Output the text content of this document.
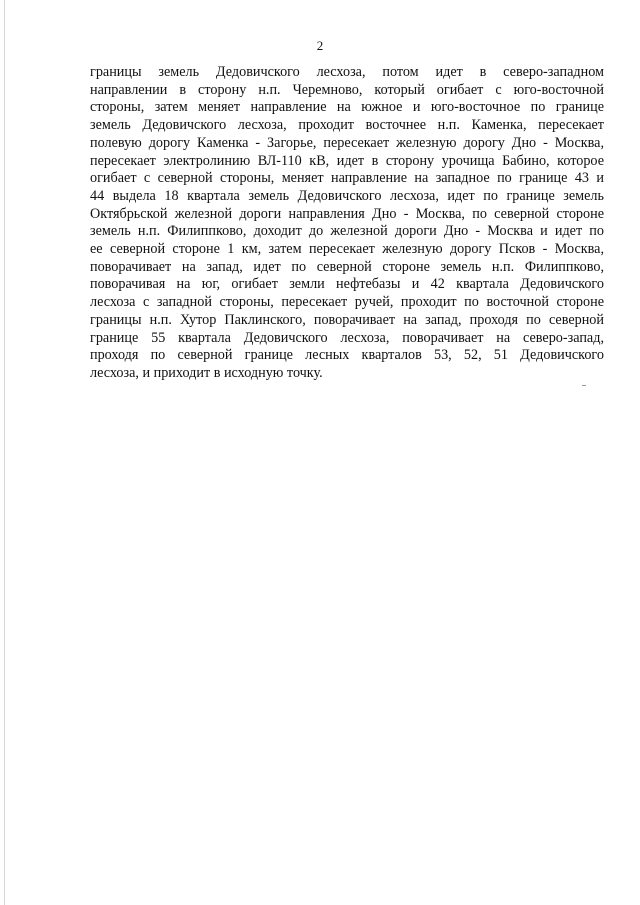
2
границы земель Дедовичского лесхоза, потом идет в северо-западном
направлении в сторону н.п. Черемново, который огибает с юго-восточной
стороны, затем меняет направление на южное и юго-восточное по границе
земель Дедовичского лесхоза, проходит восточнее н.п. Каменка, пересекает
полевую дорогу Каменка - Загорье, пересекает железную дорогу Дно - Москва,
пересекает электролинию ВЛ-110 кВ, идет в сторону урочища Бабино, которое
огибает с северной стороны, меняет направление на западное по границе 43 и
44 выдела 18 квартала земель Дедовичского лесхоза, идет по границе земель
Октябрьской железной дороги направления Дно - Москва, по северной стороне
земель н.п. Филиппково, доходит до железной дороги Дно - Москва и идет по
ее северной стороне 1 км, затем пересекает железную дорогу Псков - Москва,
поворачивает на запад, идет по северной стороне земель н.п. Филиппково,
поворачивая на юг, огибает земли нефтебазы и 42 квартала Дедовичского
лесхоза с западной стороны, пересекает ручей, проходит по восточной стороне
границы н.п. Хутор Паклинского, поворачивает на запад, проходя по северной
границе 55 квартала Дедовичского лесхоза, поворачивает на северо-запад,
проходя по северной границе лесных кварталов 53, 52, 51 Дедовичского
лесхоза, и приходит в исходную точку.
